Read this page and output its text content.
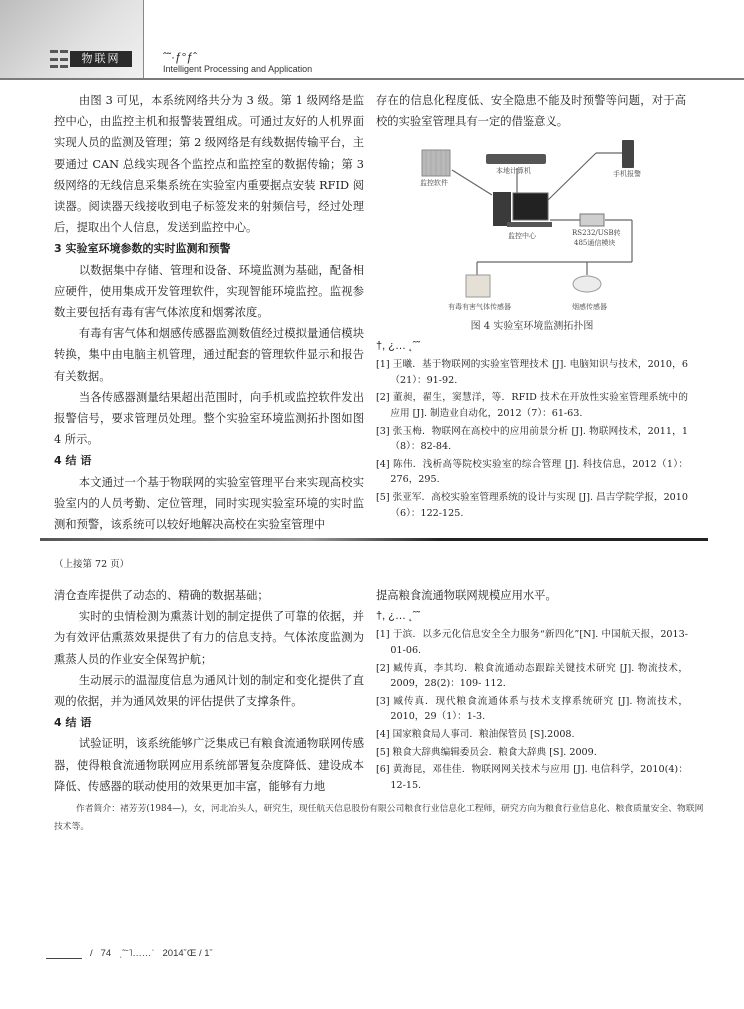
物联网	ˆ˜·ƒ°ƒˆ
Intelligent Processing and Application

由图 3 可见，本系统网络共分为 3 级。第 1 级网络是监控中心，由监控主机和报警装置组成。可通过友好的人机界面实现人员的监测及管理；第 2 级网络是有线数据传输平台，主要通过 CAN 总线实现各个监控点和监控室的数据传输；第 3 级网络的无线信息采集系统在实验室内重要据点安装 RFID 阅读器。阅读器天线接收到电子标签发来的射频信号，经过处理后，提取出个人信息，发送到监控中心。

3 实验室环境参数的实时监测和预警

以数据集中存储、管理和设备、环境监测为基础，配备相应硬件，使用集成开发管理软件，实现智能环境监控。监视参数主要包括有毒有害气体浓度和烟雾浓度。

有毒有害气体和烟感传感器监测数值经过模拟量通信模块转换，集中由电脑主机管理，通过配套的管理软件显示和报告有关数据。

当各传感器测量结果超出范围时，向手机或监控软件发出报警信号，要求管理员处理。整个实验室环境监测拓扑图如图 4 所示。

4 结 语

本文通过一个基于物联网的实验室管理平台来实现高校实验室内的人员考勤、定位管理，同时实现实验室环境的实时监测和预警，该系统可以较好地解决高校在实验室管理中

存在的信息化程度低、安全隐患不能及时预警等问题，对于高校的实验室管理具有一定的借鉴意义。

监控软件
本地计算机	手机报警
监控中心	RS232/USB转
485通信模块
有毒有害气体传感器	烟感传感器
图 4 实验室环境监测拓扑图

†, ¿… ˛ˆ˜

[1] 王曦．基于物联网的实验室管理技术 [J]. 电脑知识与技术，2010，6（21）：91-92.

[2] 董昶，翟生，窦慧洋，等．RFID 技术在开放性实验室管理系统中的应用 [J]. 制造业自动化，2012（7）：61-63.

[3] 张玉梅．物联网在高校中的应用前景分析 [J]. 物联网技术，2011，1（8）：82-84.

[4] 陈伟．浅析高等院校实验室的综合管理 [J]. 科技信息，2012（1）：276，295.

[5] 张亚军．高校实验室管理系统的设计与实现 [J]. 昌吉学院学报，2010（6）：122-125.

（上接第 72 页）

清仓查库提供了动态的、精确的数据基础；

实时的虫情检测为熏蒸计划的制定提供了可靠的依据，并为有效评估熏蒸效果提供了有力的信息支持。气体浓度监测为熏蒸人员的作业安全保驾护航；

生动展示的温湿度信息为通风计划的制定和变化提供了直观的依据，并为通风效果的评估提供了支撑条件。

4 结 语

试验证明，该系统能够广泛集成已有粮食流通物联网传感器，使得粮食流通物联网应用系统部署复杂度降低、建设成本降低、传感器的联动使用的效果更加丰富，能够有力地

提高粮食流通物联网规模应用水平。

†, ¿… ˛ˆ˜

[1] 于滨．以多元化信息安全全力服务“新四化”[N]. 中国航天报，2013-01-06.

[2] 臧传真，李其均．粮食流通动态跟踪关键技术研究 [J]. 物流技术，2009，28(2)：109- 112.

[3] 臧传真．现代粮食流通体系与技术支撑系统研究 [J]. 物流技术，2010，29（1）：1-3.

[4] 国家粮食局人事司．粮油保管员 [S].2008.

[5] 粮食大辞典编辑委员会．粮食大辞典 [S]. 2009.

[6] 黄海昆，邓佳佳．物联网网关技术与应用 [J]. 电信科学，2010(4)：12-15.

作者简介：褚芳芳(1984—)，女，河北冶头人，研究生，现任航天信息股份有限公司粮食行业信息化工程师，研究方向为粮食行业信息化、粮食质量安全、物联网技术等。
/ 74 ˌ˜ˉ˥……ˈ 2014ˇŒ / 1ˇ
